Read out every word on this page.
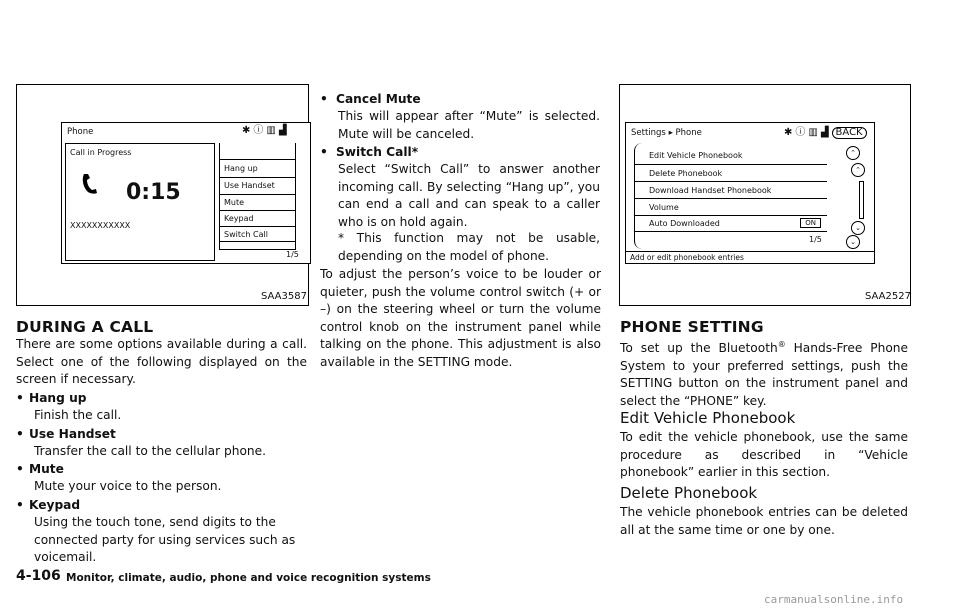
Phone	✱ ⓘ ▥ ▟
Call in Progress
0:15
XXXXXXXXXXX
Hang up
Use Handset
Mute
Keypad
Switch Call
1/5
SAA3587
Settings ▸ Phone	✱ ⓘ ▥ ▟ BACK
Edit Vehicle Phonebook
Delete Phonebook
Download Handset Phonebook
Volume
Auto Downloaded	ON
1/5
⌃
⌃
⌄
⌄
Add or edit phonebook entries
SAA2527
DURING A CALL
There are some options available during a call. Select one of the following displayed on the screen if necessary.
• Hang up
Finish the call.
• Use Handset
Transfer the call to the cellular phone.
• Mute
Mute your voice to the person.
• Keypad
Using the touch tone, send digits to the connected party for using services such as voicemail.
• Cancel Mute
This will appear after “Mute” is selected. Mute will be canceled.
• Switch Call*
Select “Switch Call” to answer another incoming call. By selecting “Hang up”, you can end a call and can speak to a caller who is on hold again.
* This function may not be usable, depending on the model of phone.
To adjust the person’s voice to be louder or quieter, push the volume control switch (+ or –) on the steering wheel or turn the volume control knob on the instrument panel while talking on the phone. This adjustment is also available in the SETTING mode.
PHONE SETTING
To set up the Bluetooth® Hands-Free Phone System to your preferred settings, push the SETTING button on the instrument panel and select the “PHONE” key.
Edit Vehicle Phonebook
To edit the vehicle phonebook, use the same procedure as described in “Vehicle phonebook” earlier in this section.
Delete Phonebook
The vehicle phonebook entries can be deleted all at the same time or one by one.
4-106 Monitor, climate, audio, phone and voice recognition systems
carmanualsonline.info
